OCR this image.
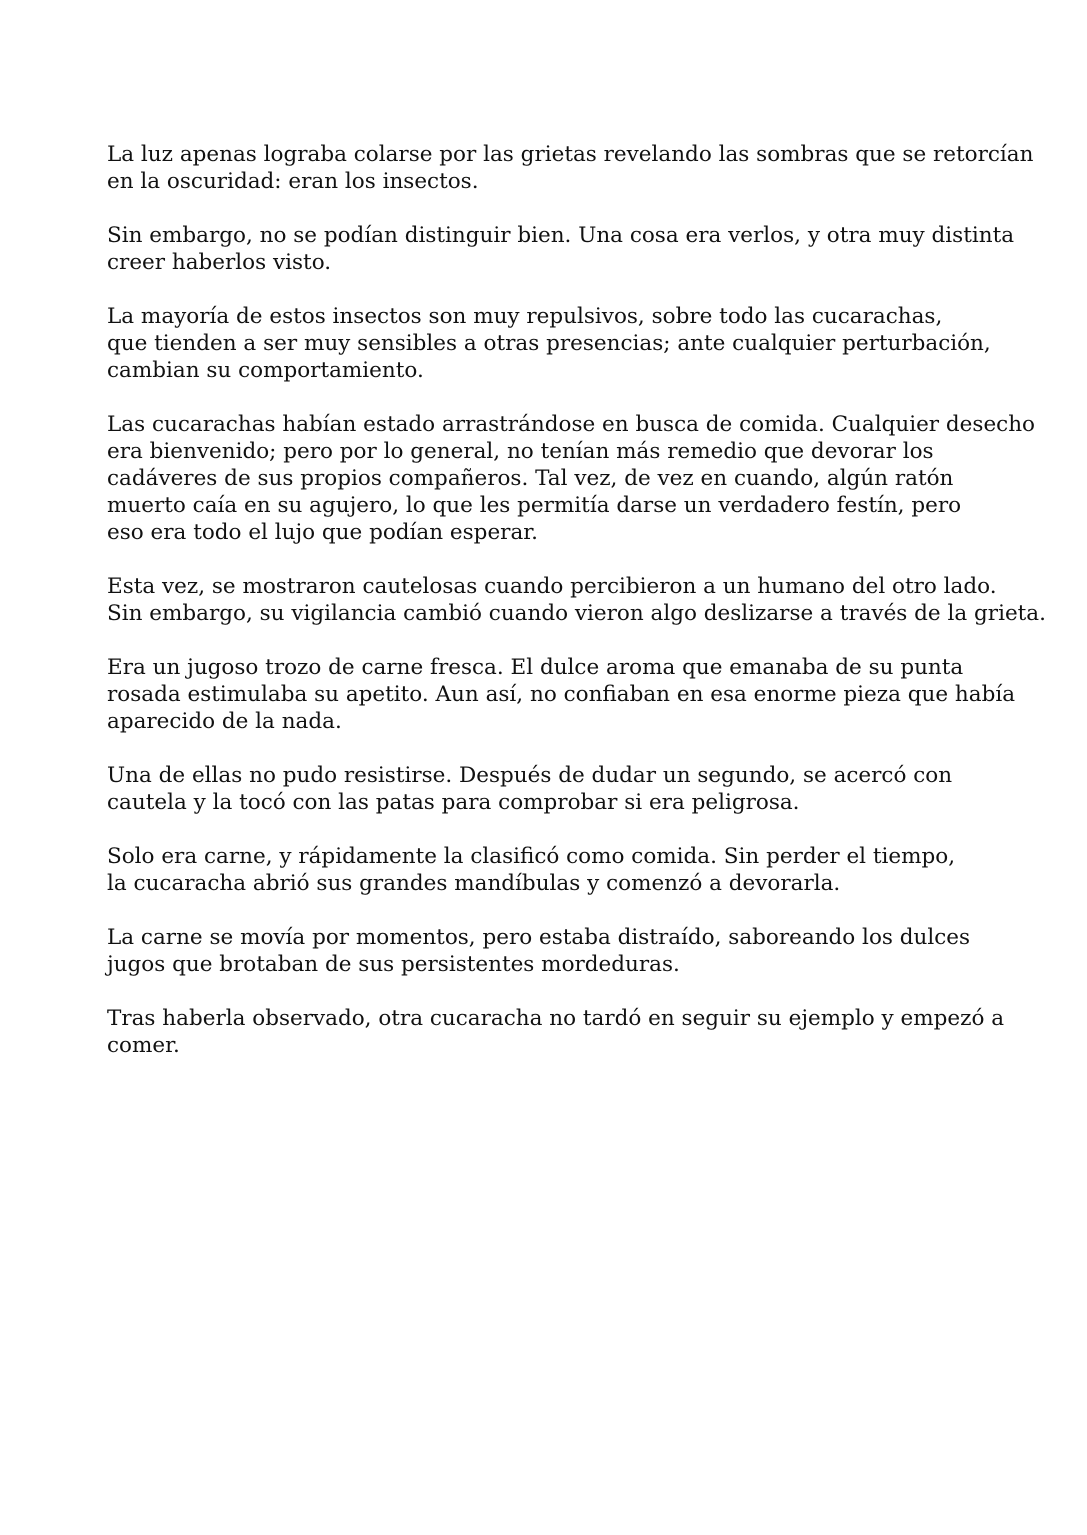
La luz apenas lograba colarse por las grietas revelando las sombras que se retorcían
en la oscuridad: eran los insectos.

Sin embargo, no se podían distinguir bien. Una cosa era verlos, y otra muy distinta
creer haberlos visto.

La mayoría de estos insectos son muy repulsivos, sobre todo las cucarachas,
que tienden a ser muy sensibles a otras presencias; ante cualquier perturbación,
cambian su comportamiento.

Las cucarachas habían estado arrastrándose en busca de comida. Cualquier desecho
era bienvenido; pero por lo general, no tenían más remedio que devorar los
cadáveres de sus propios compañeros. Tal vez, de vez en cuando, algún ratón
muerto caía en su agujero, lo que les permitía darse un verdadero festín, pero
eso era todo el lujo que podían esperar.

Esta vez, se mostraron cautelosas cuando percibieron a un humano del otro lado.
Sin embargo, su vigilancia cambió cuando vieron algo deslizarse a través de la grieta.

Era un jugoso trozo de carne fresca. El dulce aroma que emanaba de su punta
rosada estimulaba su apetito. Aun así, no confiaban en esa enorme pieza que había
aparecido de la nada.

Una de ellas no pudo resistirse. Después de dudar un segundo, se acercó con
cautela y la tocó con las patas para comprobar si era peligrosa.

Solo era carne, y rápidamente la clasificó como comida. Sin perder el tiempo,
la cucaracha abrió sus grandes mandíbulas y comenzó a devorarla.

La carne se movía por momentos, pero estaba distraído, saboreando los dulces
jugos que brotaban de sus persistentes mordeduras.

Tras haberla observado, otra cucaracha no tardó en seguir su ejemplo y empezó a
comer.
